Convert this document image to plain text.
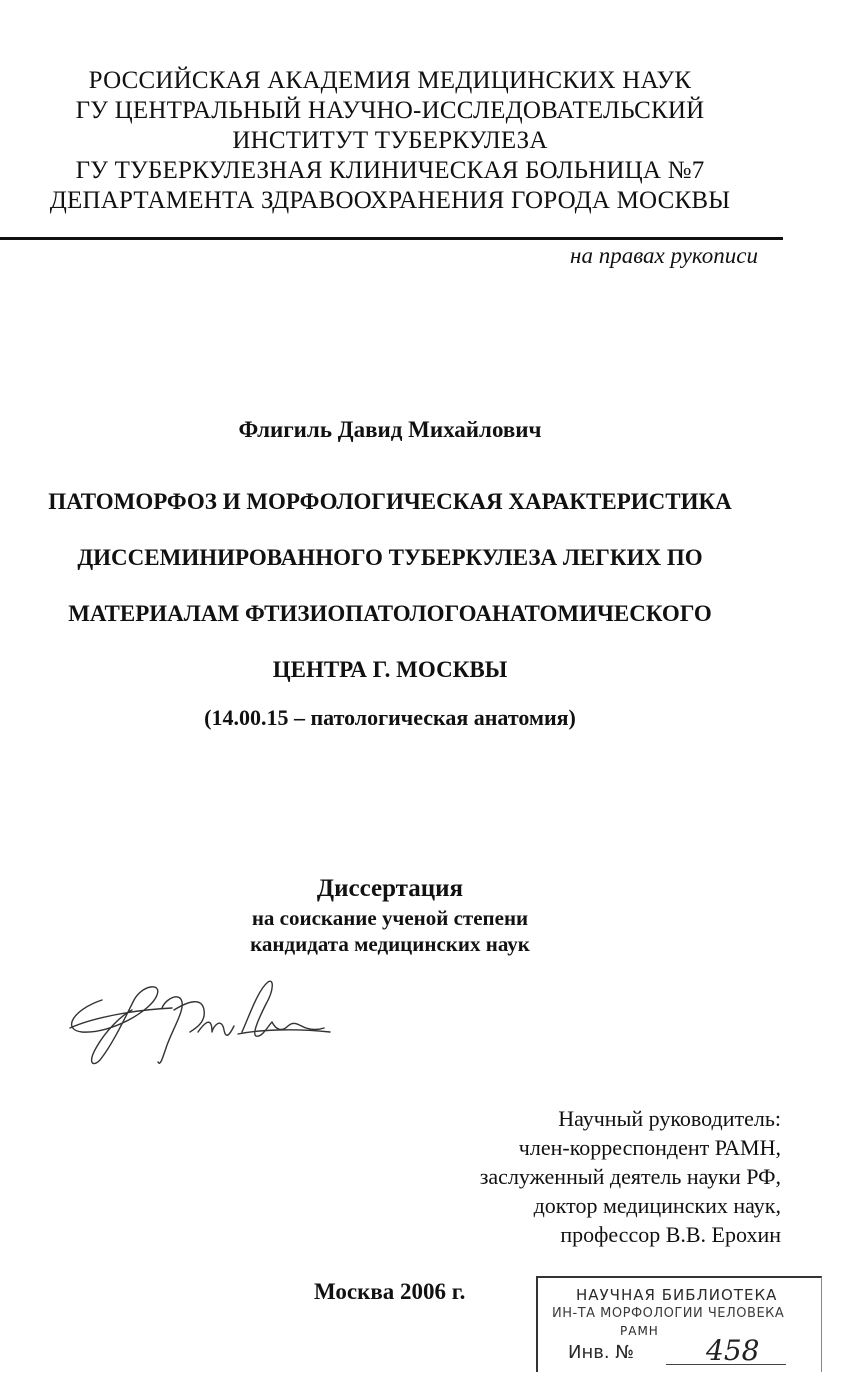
РОССИЙСКАЯ АКАДЕМИЯ МЕДИЦИНСКИХ НАУК
ГУ ЦЕНТРАЛЬНЫЙ НАУЧНО-ИССЛЕДОВАТЕЛЬСКИЙ
ИНСТИТУТ ТУБЕРКУЛЕЗА
ГУ ТУБЕРКУЛЕЗНАЯ КЛИНИЧЕСКАЯ БОЛЬНИЦА №7
ДЕПАРТАМЕНТА ЗДРАВООХРАНЕНИЯ ГОРОДА МОСКВЫ
на правах рукописи
Флигиль Давид Михайлович
ПАТОМОРФОЗ И МОРФОЛОГИЧЕСКАЯ ХАРАКТЕРИСТИКА
ДИССЕМИНИРОВАННОГО ТУБЕРКУЛЕЗА ЛЕГКИХ ПО
МАТЕРИАЛАМ ФТИЗИОПАТОЛОГОАНАТОМИЧЕСКОГО
ЦЕНТРА Г. МОСКВЫ
(14.00.15 – патологическая анатомия)
Диссертация
на соискание ученой степени
кандидата медицинских наук
Научный руководитель:
член-корреспондент РАМН,
заслуженный деятель науки РФ,
доктор медицинских наук,
профессор В.В. Ерохин
Москва 2006 г.	НАУЧНАЯ БИБЛИОТЕКА
ИН-ТА МОРФОЛОГИИ ЧЕЛОВЕКА
РАМН
Инв. №	458
